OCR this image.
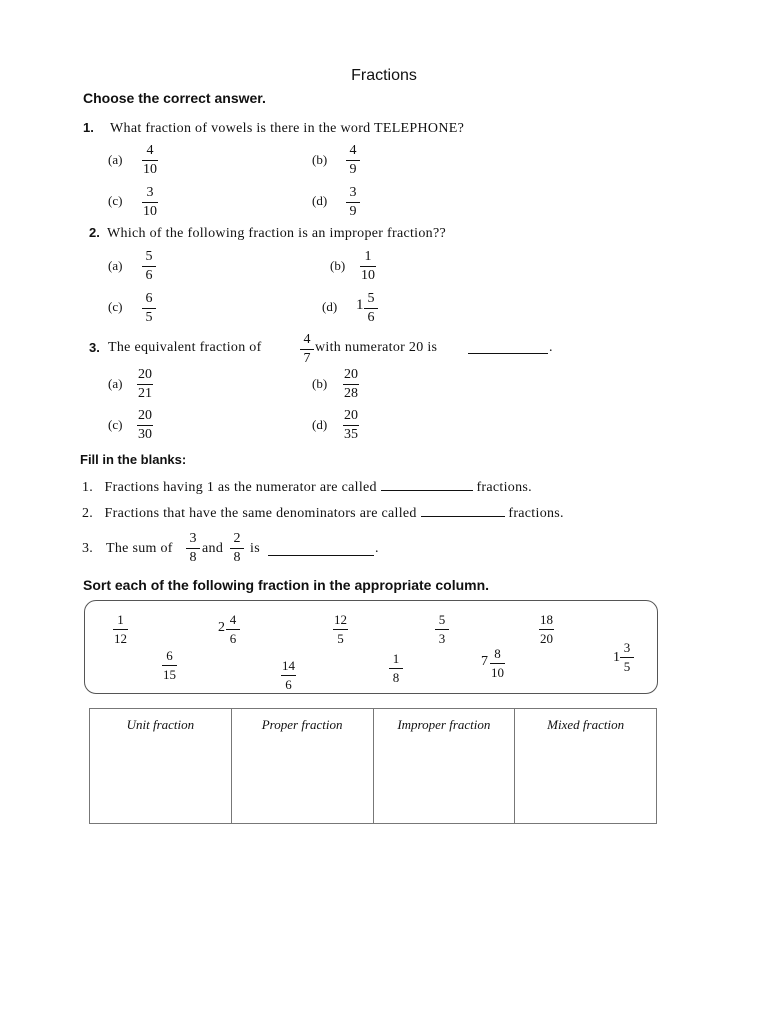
Fractions
Choose the correct answer.
1. What fraction of vowels is there in the word TELEPHONE?
(a)
4
10
(b)
4
9
(c)
3
10
(d)
3
9
2. Which of the following fraction is an improper fraction??
(a)
5
6
(b)
1
10
(c)
6
5
(d) 1 5
6
3. The equivalent fraction of
4
7
with numerator 20 is	.
(a)
20
21
(b)
20
28
(c)
20
30
(d)
20
35
Fill in the blanks:
1. Fractions having 1 as the numerator are called	fractions.
2. Fractions that have the same denominators are called	fractions.
3. The sum of
3
8
and
2
8
is	.
Sort each of the following fraction in the appropriate column.
1
12
2
4
6
12
5
5
3
18
20
6
15
14
6
1
8
7
8
10
1
3
5
Unit fraction	Proper fraction	Improper fraction	Mixed fraction
